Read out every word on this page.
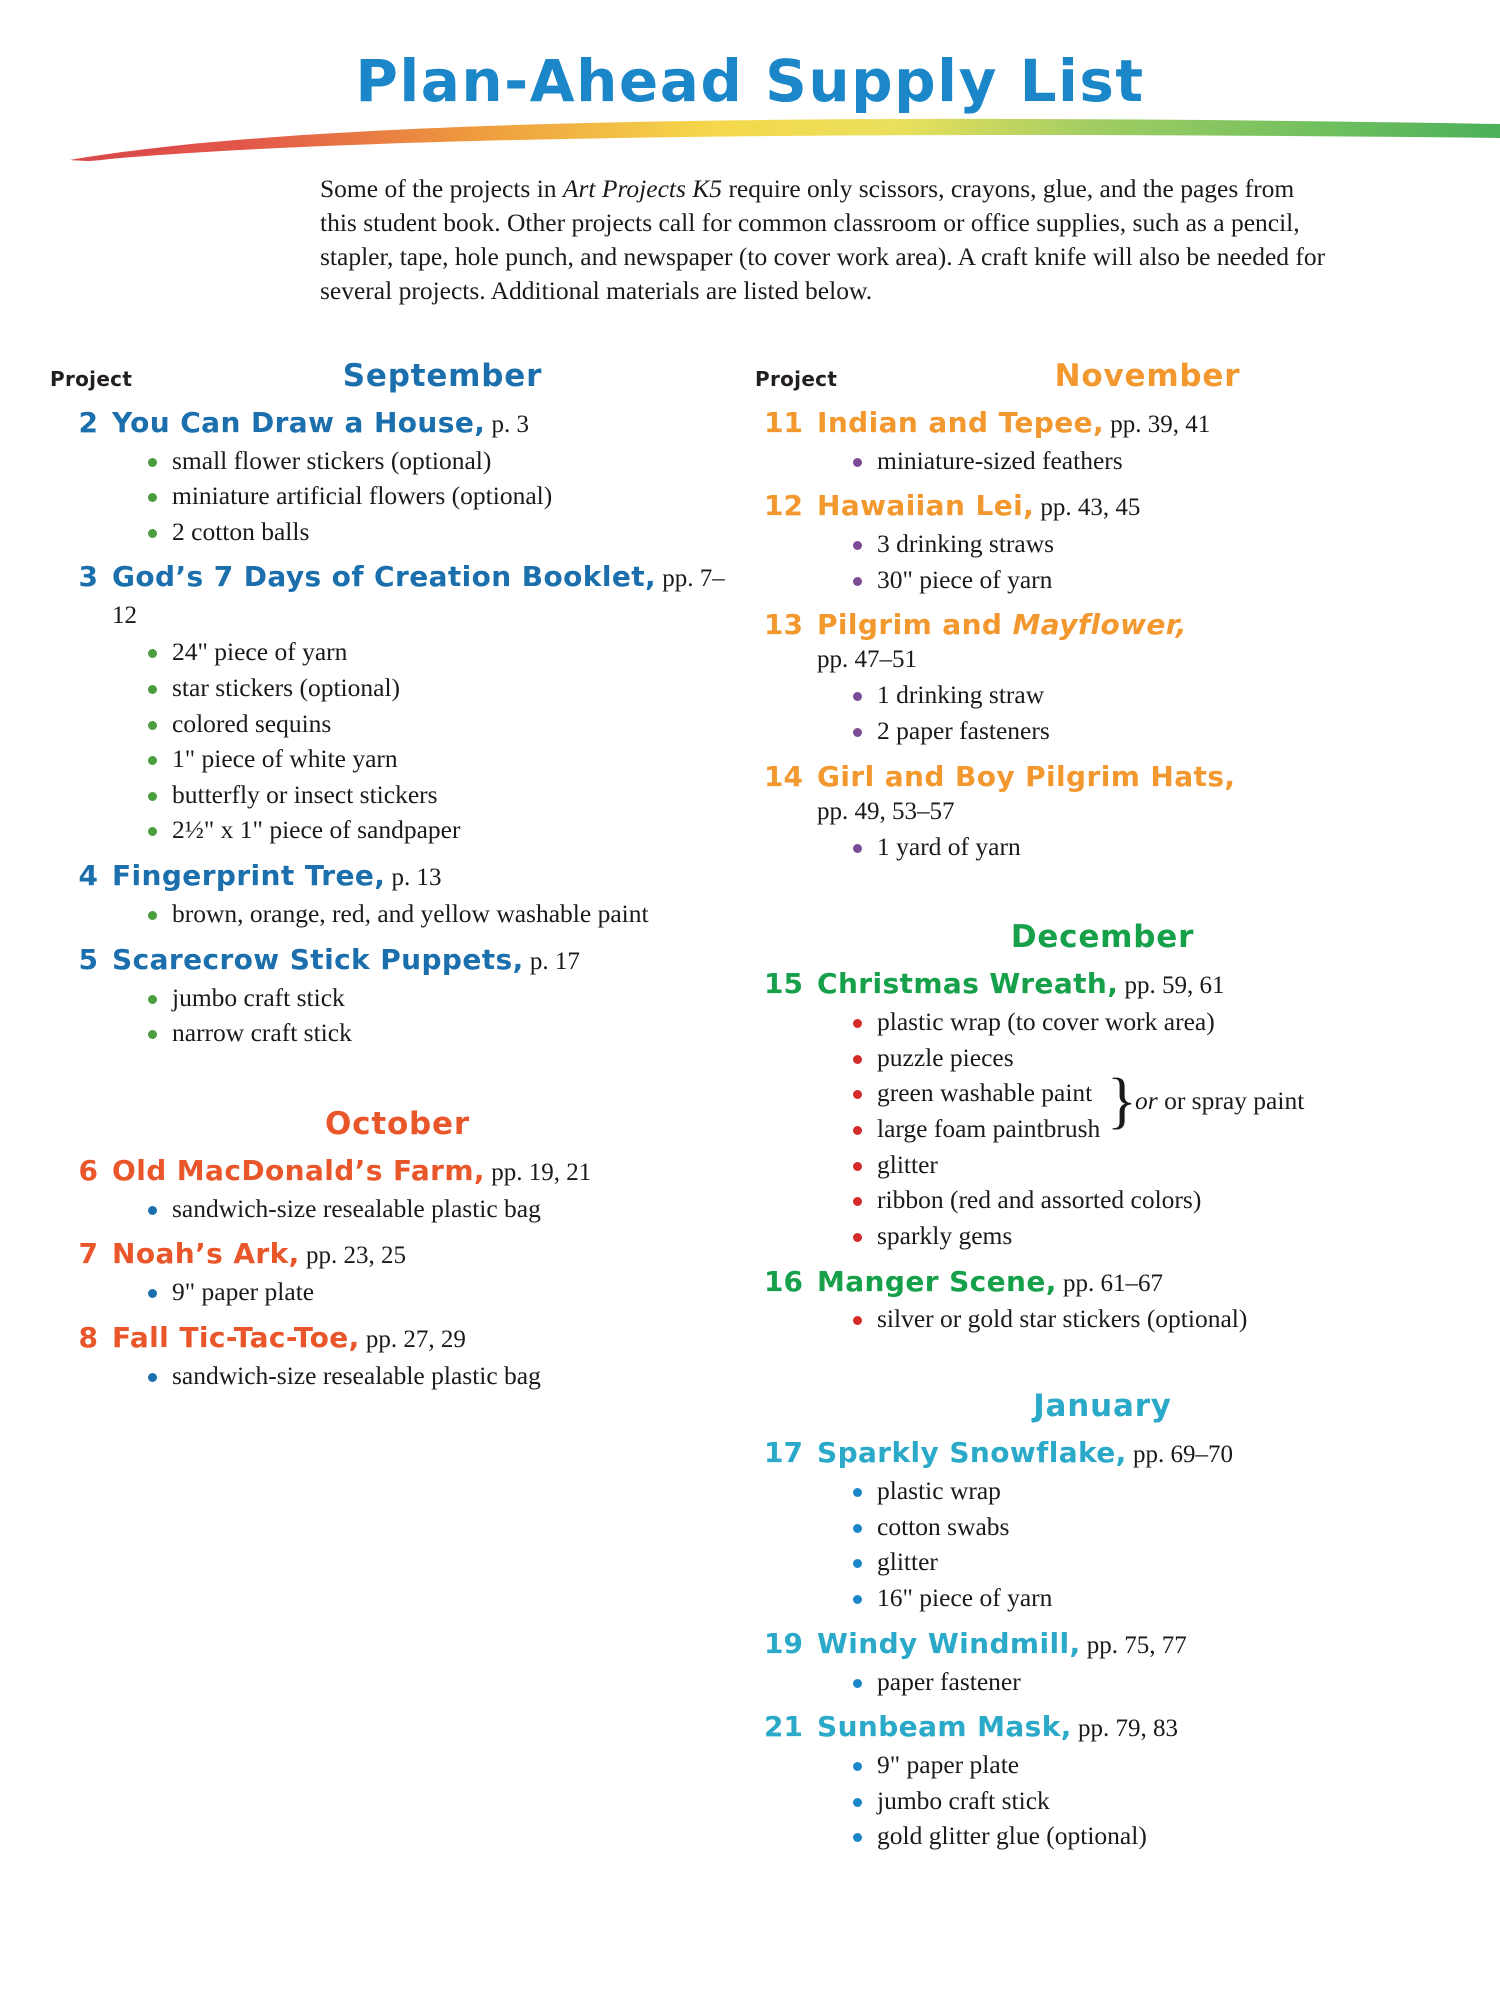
Plan-Ahead Supply List

Some of the projects in Art Projects K5 require only scissors, crayons, glue, and the pages from this student book. Other projects call for common classroom or office supplies, such as a pencil, stapler, tape, hole punch, and newspaper (to cover work area). A craft knife will also be needed for several projects. Additional materials are listed below.

Project	September
2 You Can Draw a House, p. 3
small flower stickers (optional)
miniature artificial flowers (optional)
2 cotton balls
3 God’s 7 Days of Creation Booklet, pp. 7–12
24" piece of yarn
star stickers (optional)
colored sequins
1" piece of white yarn
butterfly or insect stickers
2½" x 1" piece of sandpaper
4 Fingerprint Tree, p. 13
brown, orange, red, and yellow washable paint
5 Scarecrow Stick Puppets, p. 17
jumbo craft stick
narrow craft stick
October
6 Old MacDonald’s Farm, pp. 19, 21
sandwich-size resealable plastic bag
7 Noah’s Ark, pp. 23, 25
9" paper plate
8 Fall Tic-Tac-Toe, pp. 27, 29
sandwich-size resealable plastic bag
Project	November
11 Indian and Tepee, pp. 39, 41
miniature-sized feathers
12 Hawaiian Lei, pp. 43, 45
3 drinking straws
30" piece of yarn
13 Pilgrim and Mayflower,
pp. 47–51
1 drinking straw
2 paper fasteners
14 Girl and Boy Pilgrim Hats,
pp. 49, 53–57
1 yard of yarn
December
15 Christmas Wreath, pp. 59, 61
plastic wrap (to cover work area)
puzzle pieces
green washable paint
large foam paintbrush
glitter
ribbon (red and assorted colors)
sparkly gems
}
or or spray paint
16 Manger Scene, pp. 61–67
silver or gold star stickers (optional)
January
17 Sparkly Snowflake, pp. 69–70
plastic wrap
cotton swabs
glitter
16" piece of yarn
19 Windy Windmill, pp. 75, 77
paper fastener
21 Sunbeam Mask, pp. 79, 83
9" paper plate
jumbo craft stick
gold glitter glue (optional)
